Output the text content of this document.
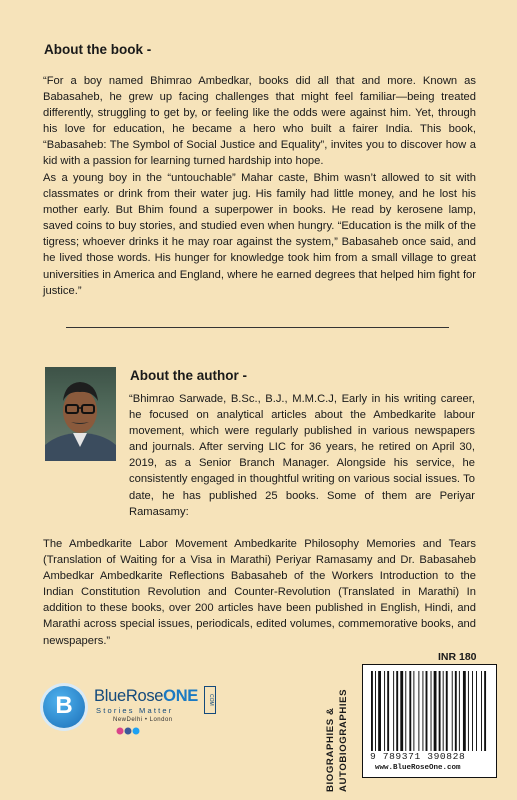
About the book -

“For a boy named Bhimrao Ambedkar, books did all that and more. Known as Babasaheb, he grew up facing challenges that might feel familiar—being treated differently, struggling to get by, or feeling like the odds were against him. Yet, through his love for education, he became a hero who built a fairer India. This book, “Babasaheb: The Symbol of Social Justice and Equality”, invites you to discover how a kid with a passion for learning turned hardship into hope.

As a young boy in the “untouchable” Mahar caste, Bhim wasn’t allowed to sit with classmates or drink from their water jug. His family had little money, and he lost his mother early. But Bhim found a superpower in books. He read by kerosene lamp, saved coins to buy stories, and studied even when hungry. “Education is the milk of the tigress; whoever drinks it he may roar against the system,” Babasaheb once said, and he lived those words. His hunger for knowledge took him from a small village to great universities in America and England, where he earned degrees that helped him fight for justice.”

About the author -

“Bhimrao Sarwade, B.Sc., B.J., M.M.C.J, Early in his writing career, he focused on analytical articles about the Ambedkarite labour movement, which were regularly published in various newspapers and journals. After serving LIC for 36 years, he retired on April 30, 2019, as a Senior Branch Manager. Alongside his service, he consistently engaged in thoughtful writing on various social issues. To date, he has published 25 books. Some of them are Periyar Ramasamy:

The Ambedkarite Labor Movement Ambedkarite Philosophy Memories and Tears (Translation of Waiting for a Visa in Marathi) Periyar Ramasamy and Dr. Babasaheb Ambedkar Ambedkarite Reflections Babasaheb of the Workers Introduction to the Indian Constitution Revolution and Counter-Revolution (Translated in Marathi) In addition to these books, over 200 articles have been published in English, Hindi, and Marathi across special issues, periodicals, edited volumes, commemorative books, and newspapers.”

B BlueRoseONE	COM
Stories Matter
NewDelhi • London	BIOGRAPHIES & AUTOBIOGRAPHIES
INR 180
9 789371 390828
www.BlueRoseOne.com
